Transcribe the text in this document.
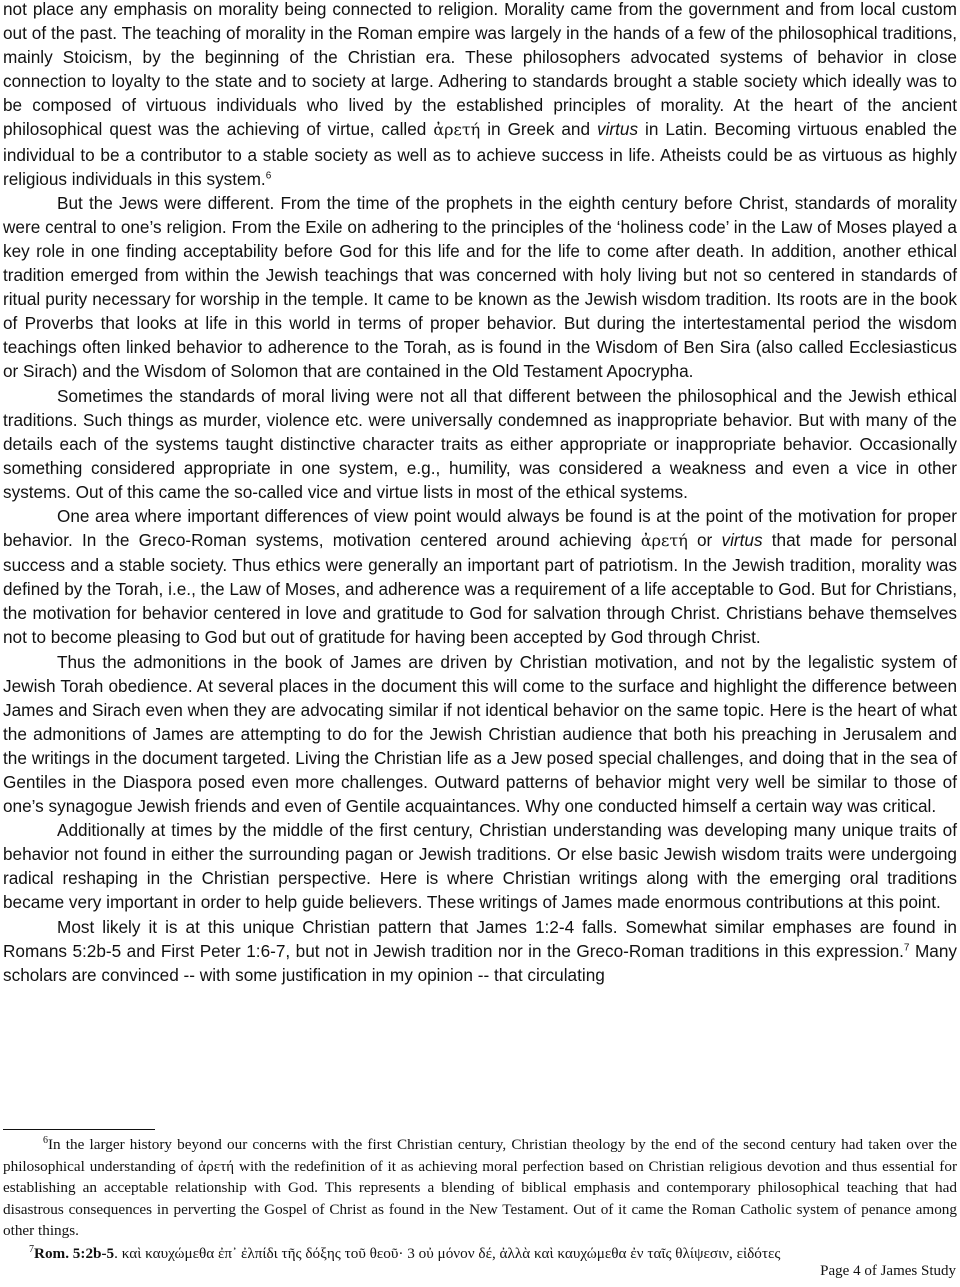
not place any emphasis on morality being connected to religion. Morality came from the government and from local custom out of the past. The teaching of morality in the Roman empire was largely in the hands of a few of the philosophical traditions, mainly Stoicism, by the beginning of the Christian era. These philosophers advocated systems of behavior in close connection to loyalty to the state and to society at large. Adhering to standards brought a stable society which ideally was to be composed of virtuous individuals who lived by the established principles of morality. At the heart of the ancient philosophical quest was the achieving of virtue, called ἀρετή in Greek and virtus in Latin. Becoming virtuous enabled the individual to be a contributor to a stable society as well as to achieve success in life. Atheists could be as virtuous as highly religious individuals in this system.$^6$

But the Jews were different. From the time of the prophets in the eighth century before Christ, standards of morality were central to one’s religion. From the Exile on adhering to the principles of the ‘holiness code’ in the Law of Moses played a key role in one finding acceptability before God for this life and for the life to come after death. In addition, another ethical tradition emerged from within the Jewish teachings that was concerned with holy living but not so centered in standards of ritual purity necessary for worship in the temple. It came to be known as the Jewish wisdom tradition. Its roots are in the book of Proverbs that looks at life in this world in terms of proper behavior. But during the intertestamental period the wisdom teachings often linked behavior to adherence to the Torah, as is found in the Wisdom of Ben Sira (also called Ecclesiasticus or Sirach) and the Wisdom of Solomon that are contained in the Old Testament Apocrypha.

Sometimes the standards of moral living were not all that different between the philosophical and the Jewish ethical traditions. Such things as murder, violence etc. were universally condemned as inappropriate behavior. But with many of the details each of the systems taught distinctive character traits as either appropriate or inappropriate behavior. Occasionally something considered appropriate in one system, e.g., humility, was considered a weakness and even a vice in other systems. Out of this came the so-called vice and virtue lists in most of the ethical systems.

One area where important differences of view point would always be found is at the point of the motivation for proper behavior. In the Greco-Roman systems, motivation centered around achieving ἀρετή or virtus that made for personal success and a stable society. Thus ethics were generally an important part of patriotism. In the Jewish tradition, morality was defined by the Torah, i.e., the Law of Moses, and adherence was a requirement of a life acceptable to God. But for Christians, the motivation for behavior centered in love and gratitude to God for salvation through Christ. Christians behave themselves not to become pleasing to God but out of gratitude for having been accepted by God through Christ.

Thus the admonitions in the book of James are driven by Christian motivation, and not by the legalistic system of Jewish Torah obedience. At several places in the document this will come to the surface and highlight the difference between James and Sirach even when they are advocating similar if not identical behavior on the same topic. Here is the heart of what the admonitions of James are attempting to do for the Jewish Christian audience that both his preaching in Jerusalem and the writings in the document targeted. Living the Christian life as a Jew posed special challenges, and doing that in the sea of Gentiles in the Diaspora posed even more challenges. Outward patterns of behavior might very well be similar to those of one’s synagogue Jewish friends and even of Gentile acquaintances. Why one conducted himself a certain way was critical.

Additionally at times by the middle of the first century, Christian understanding was developing many unique traits of behavior not found in either the surrounding pagan or Jewish traditions. Or else basic Jewish wisdom traits were undergoing radical reshaping in the Christian perspective. Here is where Christian writings along with the emerging oral traditions became very important in order to help guide believers. These writings of James made enormous contributions at this point.

Most likely it is at this unique Christian pattern that James 1:2-4 falls. Somewhat similar emphases are found in Romans 5:2b-5 and First Peter 1:6-7, but not in Jewish tradition nor in the Greco-Roman traditions in this expression.$^7$ Many scholars are convinced -- with some justification in my opinion -- that circulating

$^6$In the larger history beyond our concerns with the first Christian century, Christian theology by the end of the second century had taken over the philosophical understanding of ἀρετή with the redefinition of it as achieving moral perfection based on Christian religious devotion and thus essential for establishing an acceptable relationship with God. This represents a blending of biblical emphasis and contemporary philosophical teaching that had disastrous consequences in perverting the Gospel of Christ as found in the New Testament. Out of it came the Roman Catholic system of penance among other things.

$^7$Rom. 5:2b-5. καὶ καυχώμεθα ἐπ᾽ ἐλπίδι τῆς δόξης τοῦ θεοῦ· 3 οὐ μόνον δέ, ἀλλὰ καὶ καυχώμεθα ἐν ταῖς θλίψεσιν, εἰδότες

Page 4 of James Study
